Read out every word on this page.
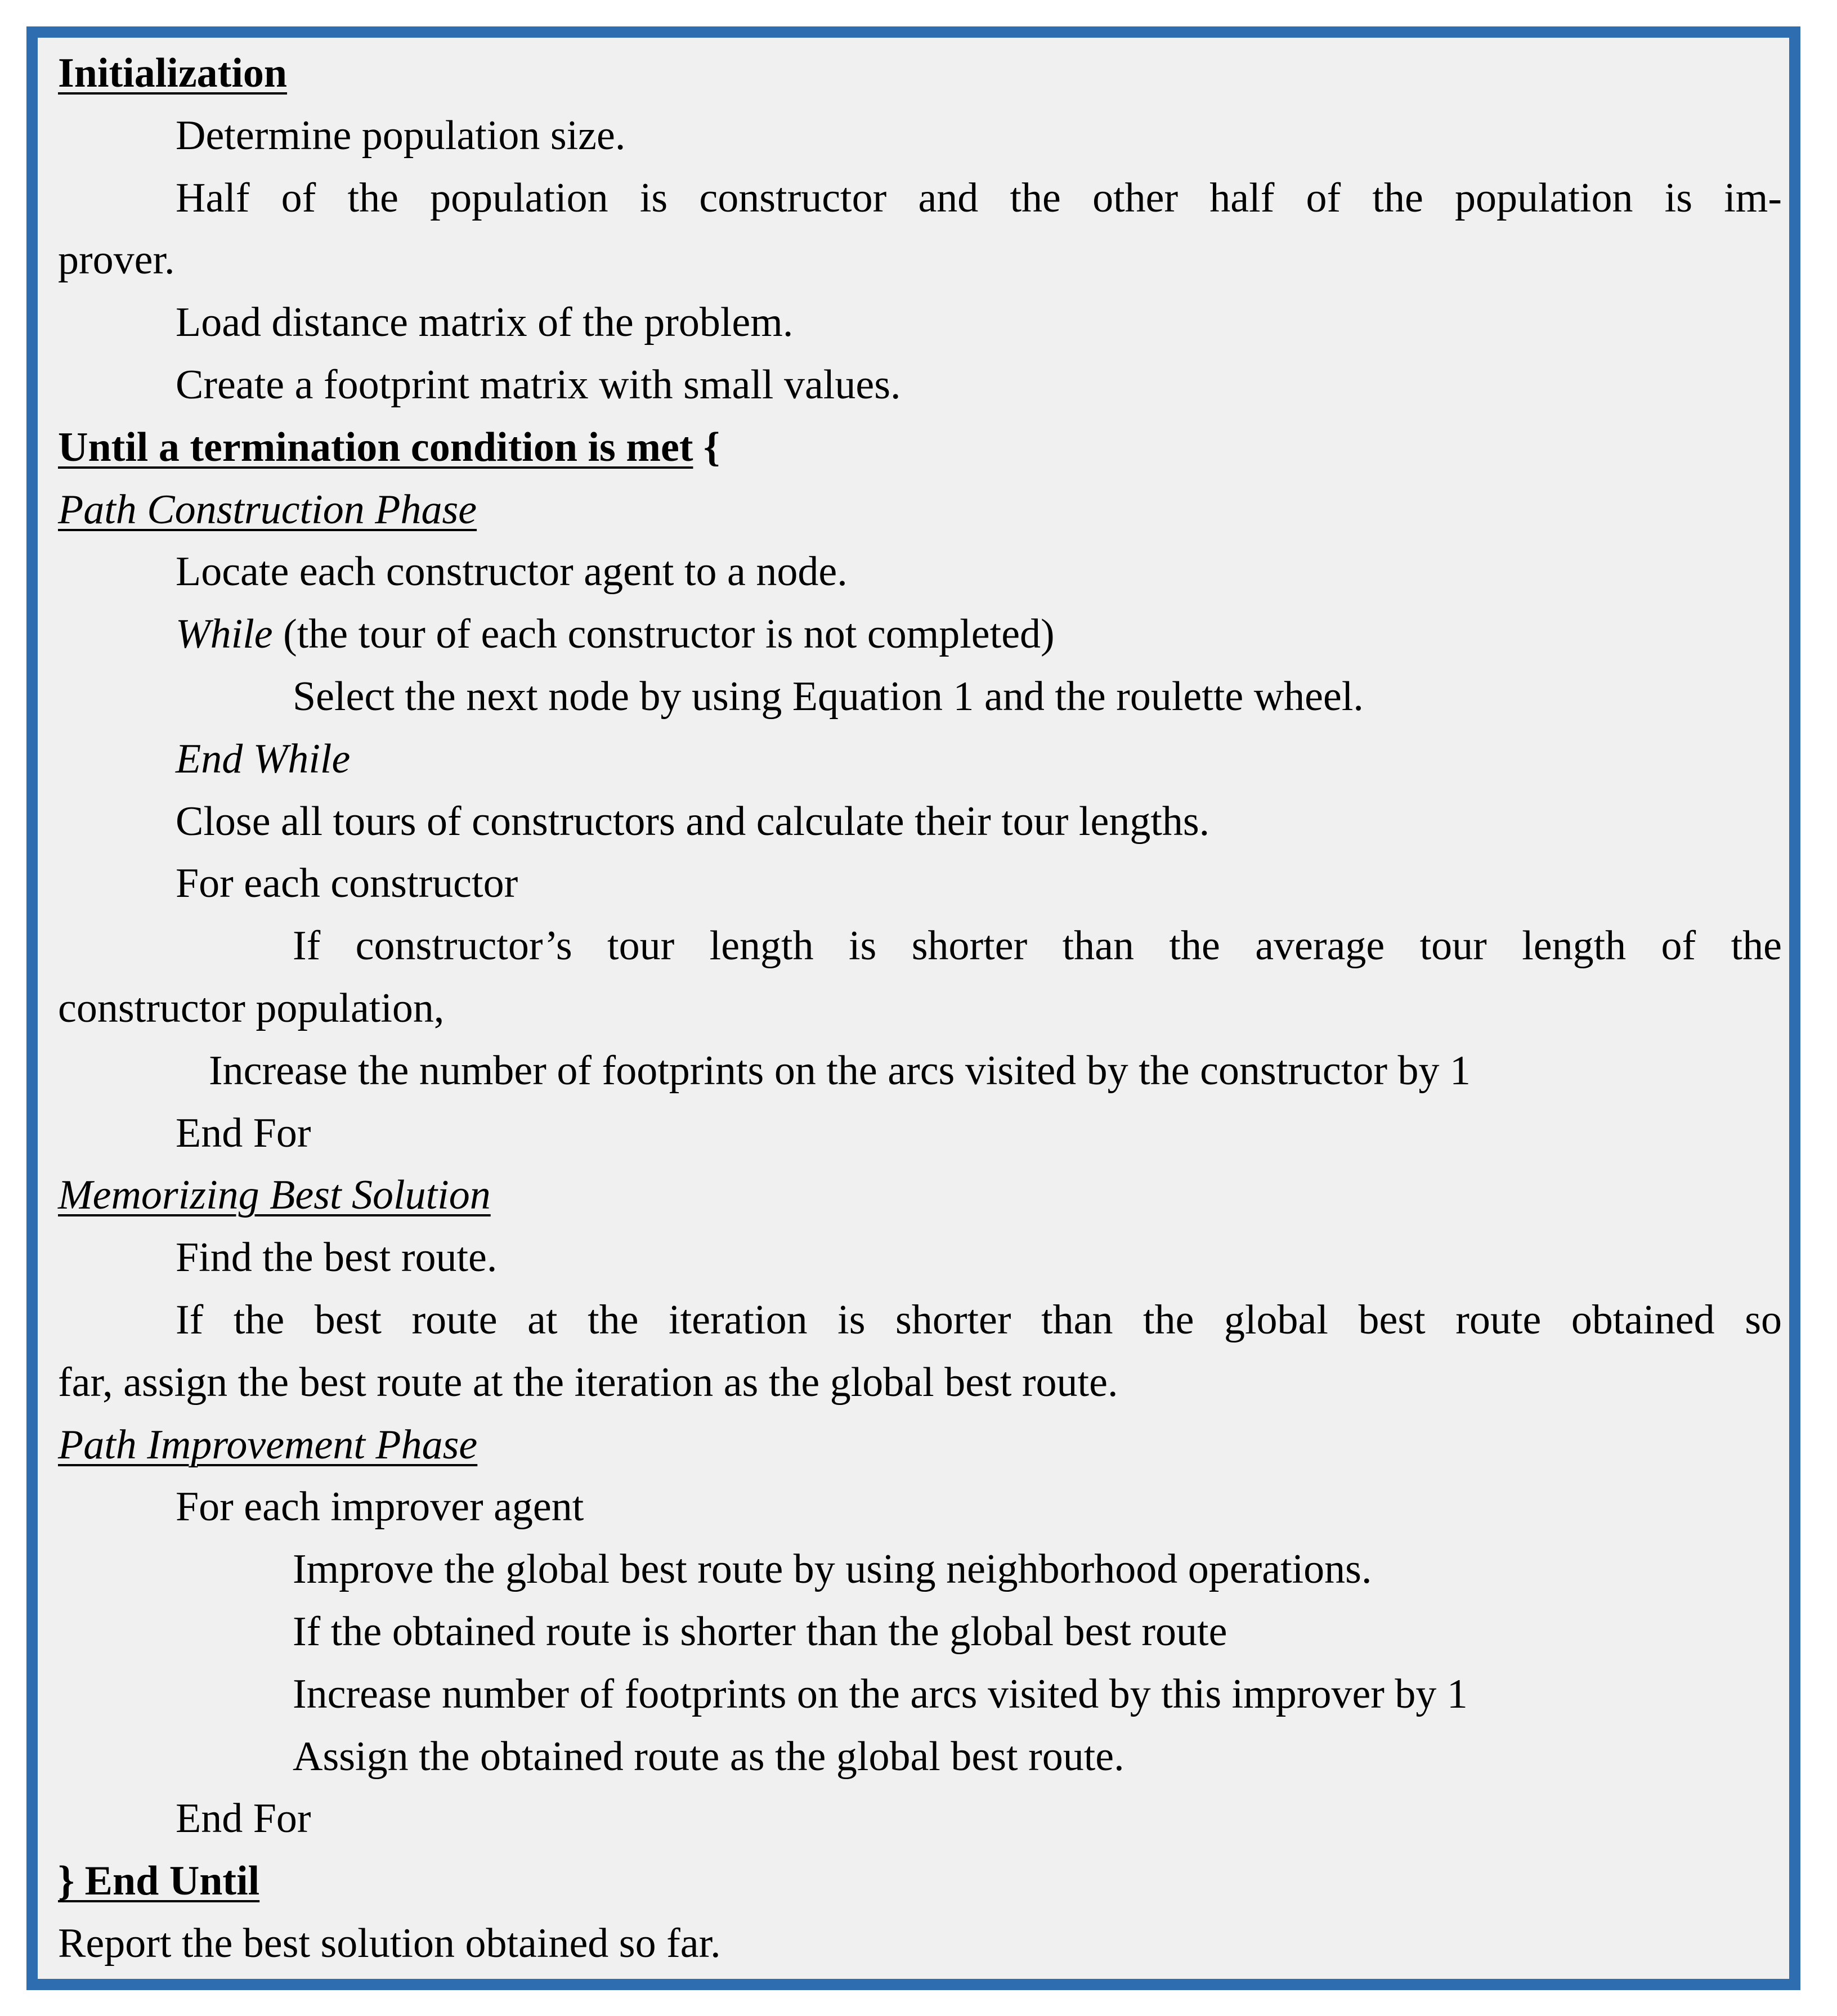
Initialization
Determine population size.
Half of the population is constructor and the other half of the population is im-
prover.
Load distance matrix of the problem.
Create a footprint matrix with small values.
Until a termination condition is met {
Path Construction Phase
Locate each constructor agent to a node.
While (the tour of each constructor is not completed)
Select the next node by using Equation 1 and the roulette wheel.
End While
Close all tours of constructors and calculate their tour lengths.
For each constructor
If constructor’s tour length is shorter than the average tour length of the
constructor population,
Increase the number of footprints on the arcs visited by the constructor by 1
End For
Memorizing Best Solution
Find the best route.
If the best route at the iteration is shorter than the global best route obtained so
far, assign the best route at the iteration as the global best route.
Path Improvement Phase
For each improver agent
Improve the global best route by using neighborhood operations.
If the obtained route is shorter than the global best route
Increase number of footprints on the arcs visited by this improver by 1
Assign the obtained route as the global best route.
End For
} End Until
Report the best solution obtained so far.
